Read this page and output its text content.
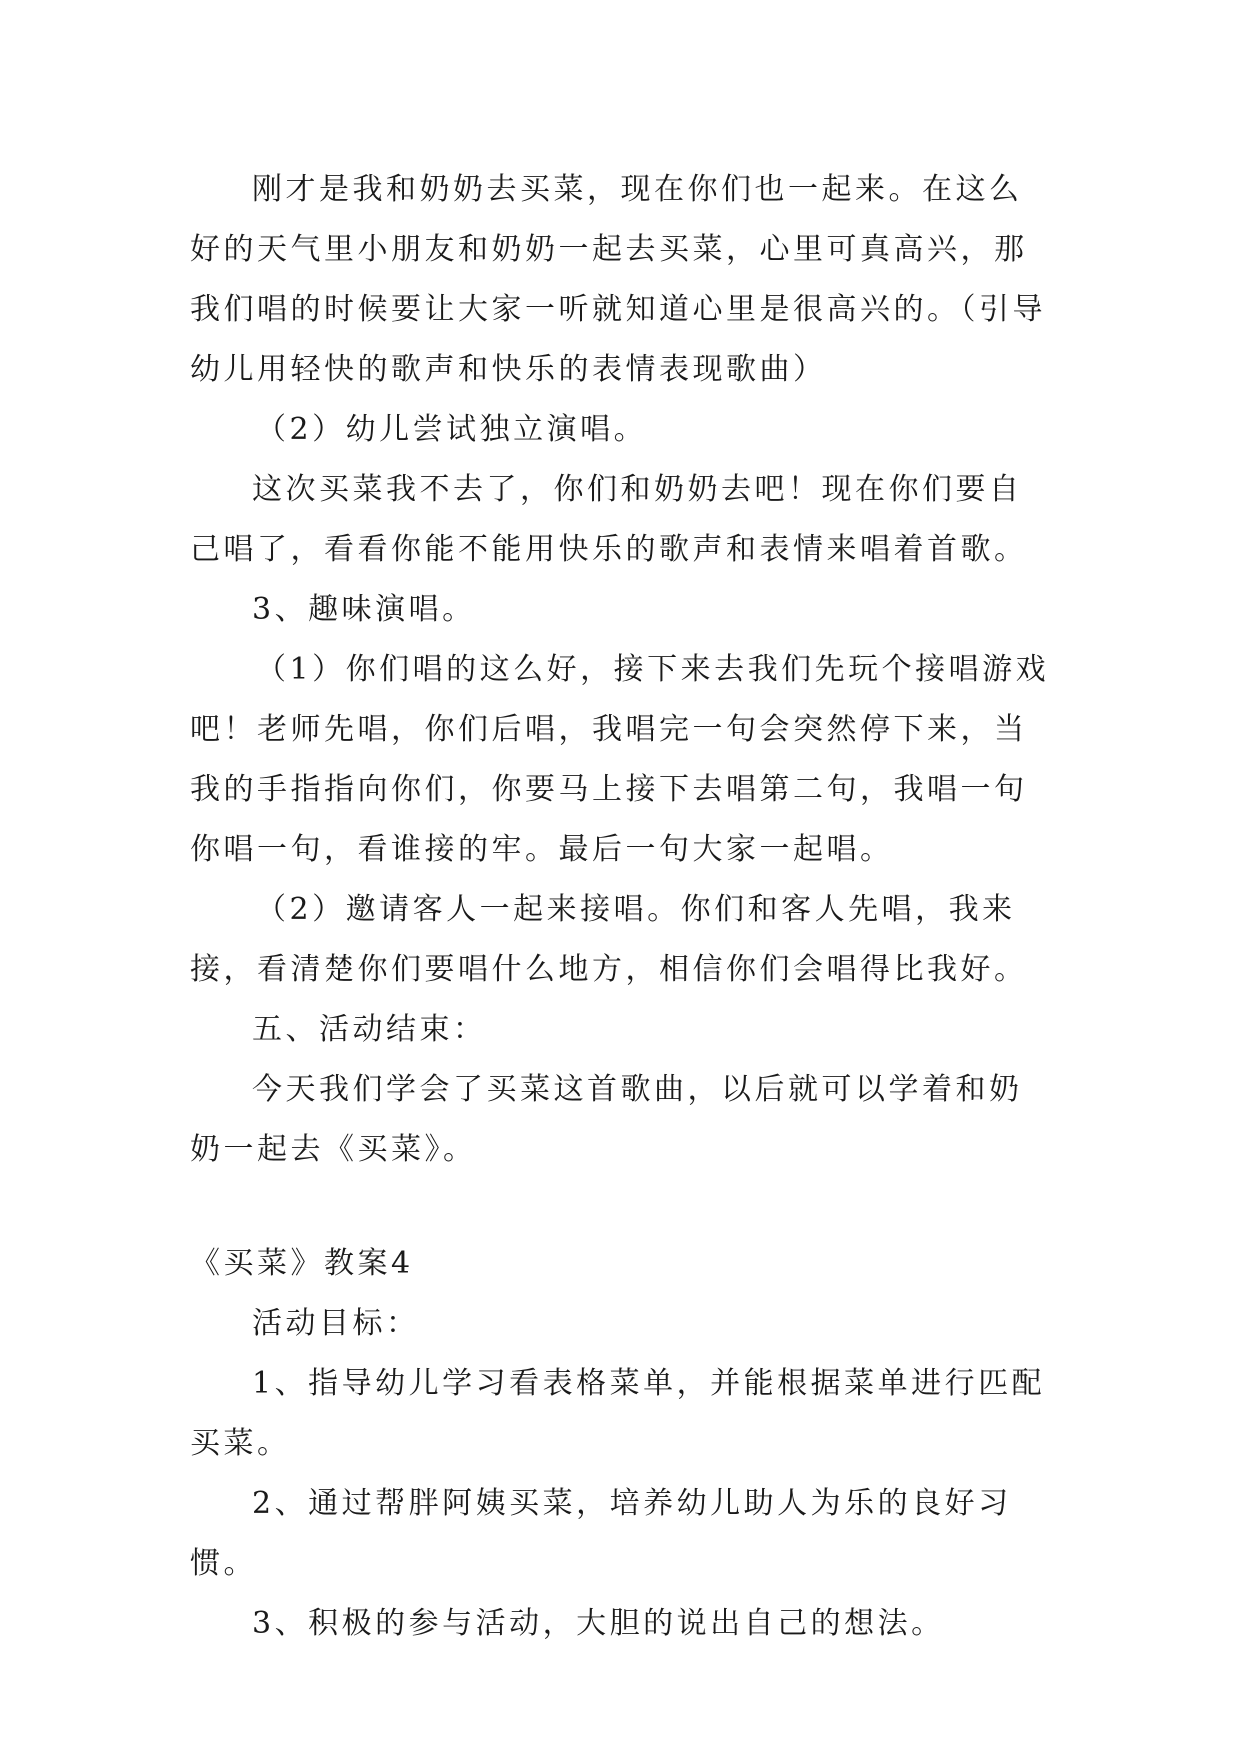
刚才是我和奶奶去买菜，现在你们也一起来。在这么好的天气里小朋友和奶奶一起去买菜，心里可真高兴，那我们唱的时候要让大家一听就知道心里是很高兴的。（引导幼儿用轻快的歌声和快乐的表情表现歌曲）

（2）幼儿尝试独立演唱。

这次买菜我不去了，你们和奶奶去吧！现在你们要自己唱了，看看你能不能用快乐的歌声和表情来唱着首歌。

3、趣味演唱。

（1）你们唱的这么好，接下来去我们先玩个接唱游戏吧！老师先唱，你们后唱，我唱完一句会突然停下来，当我的手指指向你们，你要马上接下去唱第二句，我唱一句你唱一句，看谁接的牢。最后一句大家一起唱。

（2）邀请客人一起来接唱。你们和客人先唱，我来接，看清楚你们要唱什么地方，相信你们会唱得比我好。

五、活动结束：

今天我们学会了买菜这首歌曲，以后就可以学着和奶奶一起去《买菜》。

《买菜》教案4

活动目标：

1、指导幼儿学习看表格菜单，并能根据菜单进行匹配买菜。

2、通过帮胖阿姨买菜，培养幼儿助人为乐的良好习惯。

3、积极的参与活动，大胆的说出自己的想法。
